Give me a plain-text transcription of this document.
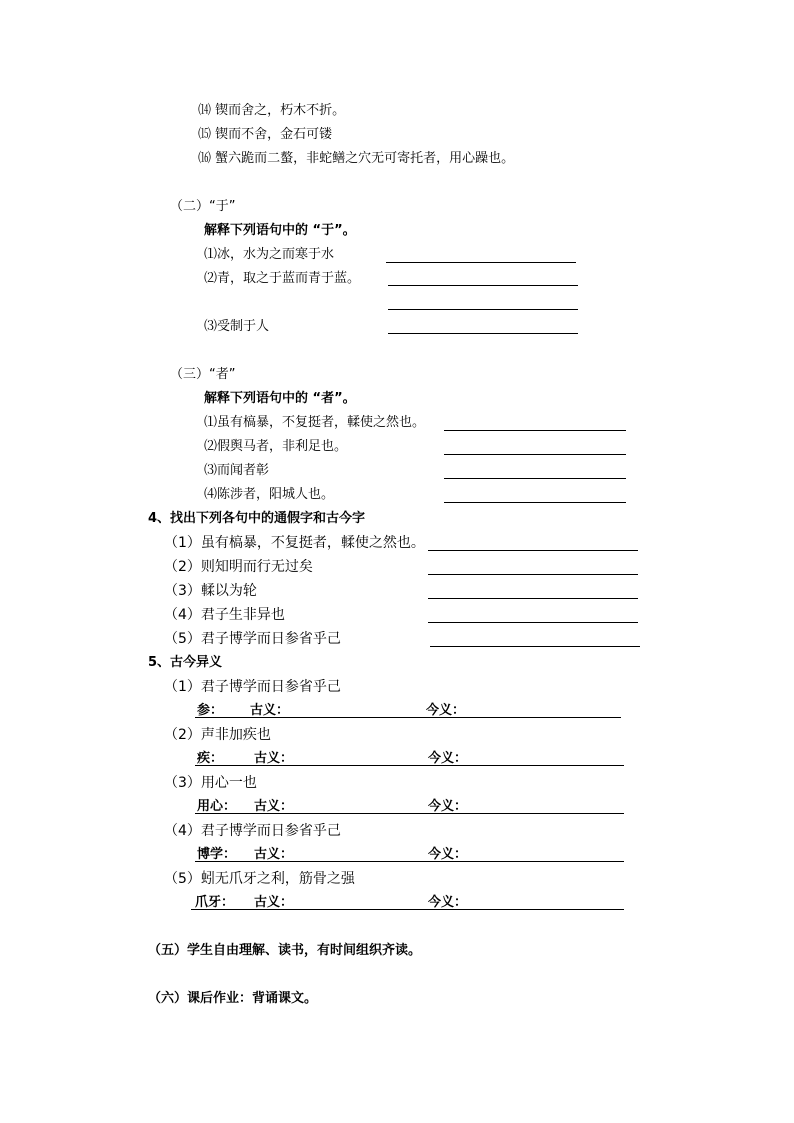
⒁ 锲而舍之，朽木不折。
⒂ 锲而不舍，金石可镂
⒃ 蟹六跪而二螯，非蛇鳝之穴无可寄托者，用心躁也。
（二）“于”
解释下列语句中的 “于”。
⑴冰，水为之而寒于水
⑵青，取之于蓝而青于蓝。
⑶受制于人
（三）“者”
解释下列语句中的 “者”。
⑴虽有槁暴，不复挺者，輮使之然也。
⑵假舆马者，非利足也。
⑶而闻者彰
⑷陈涉者，阳城人也。
4、找出下列各句中的通假字和古今字
（1）虽有槁暴，不复挺者，輮使之然也。
（2）则知明而行无过矣
（3）輮以为轮
（4）君子生非异也
（5）君子博学而日参省乎己
5、古今异义
（1）君子博学而日参省乎己
参： 古义：	今义：
（2）声非加疾也
疾： 古义：	今义：
（3）用心一也
用心： 古义：	今义：
（4）君子博学而日参省乎己
博学： 古义：	今义：
（5）蚓无爪牙之利，筋骨之强
爪牙： 古义：	今义：
（五）学生自由理解、读书，有时间组织齐读。
（六）课后作业：背诵课文。
